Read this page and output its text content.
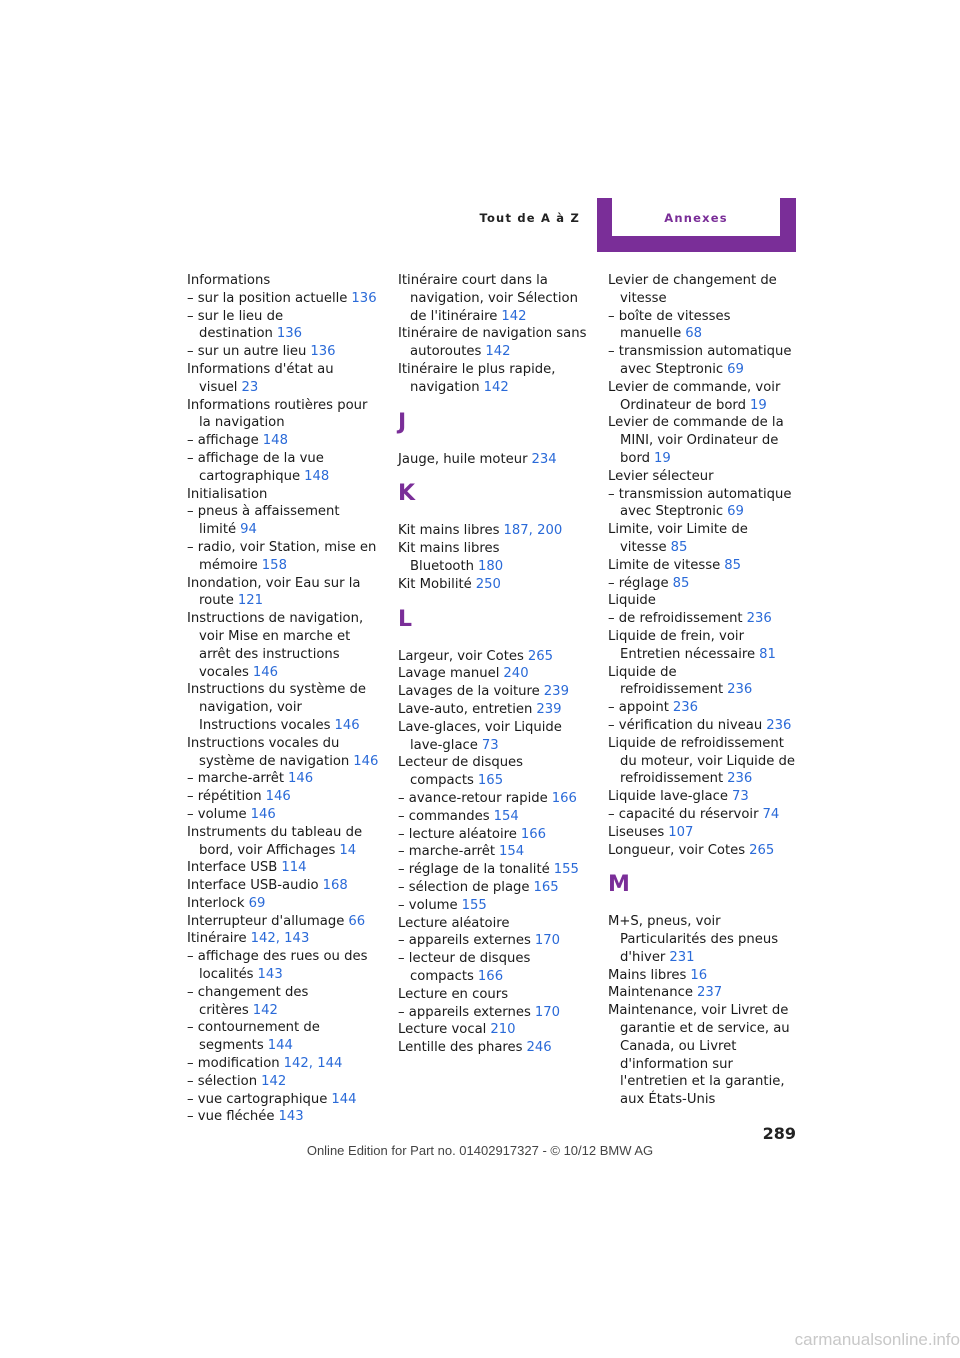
Tout de A à Z	Annexes
Informations
– sur la position actuelle 136
– sur le lieu de destination 136
– sur un autre lieu 136
Informations d'état au visuel 23
Informations routières pour la navigation
– affichage 148
– affichage de la vue cartographique 148
Initialisation
– pneus à affaissement limité 94
– radio, voir Station, mise en mémoire 158
Inondation, voir Eau sur la route 121
Instructions de navigation, voir Mise en marche et arrêt des instructions vocales 146
Instructions du système de navigation, voir Instructions vocales 146
Instructions vocales du système de navigation 146
– marche-arrêt 146
– répétition 146
– volume 146
Instruments du tableau de bord, voir Affichages 14
Interface USB 114
Interface USB-audio 168
Interlock 69
Interrupteur d'allumage 66
Itinéraire 142, 143
– affichage des rues ou des localités 143
– changement des critères 142
– contournement de segments 144
– modification 142, 144
– sélection 142
– vue cartographique 144
– vue fléchée 143
Itinéraire court dans la navigation, voir Sélection de l'itinéraire 142
Itinéraire de navigation sans autoroutes 142
Itinéraire le plus rapide, navigation 142
J
Jauge, huile moteur 234
K
Kit mains libres 187, 200
Kit mains libres Bluetooth 180
Kit Mobilité 250
L
Largeur, voir Cotes 265
Lavage manuel 240
Lavages de la voiture 239
Lave-auto, entretien 239
Lave-glaces, voir Liquide lave-glace 73
Lecteur de disques compacts 165
– avance-retour rapide 166
– commandes 154
– lecture aléatoire 166
– marche-arrêt 154
– réglage de la tonalité 155
– sélection de plage 165
– volume 155
Lecture aléatoire
– appareils externes 170
– lecteur de disques compacts 166
Lecture en cours
– appareils externes 170
Lecture vocal 210
Lentille des phares 246
Levier de changement de vitesse
– boîte de vitesses manuelle 68
– transmission automatique avec Steptronic 69
Levier de commande, voir Ordinateur de bord 19
Levier de commande de la MINI, voir Ordinateur de bord 19
Levier sélecteur
– transmission automatique avec Steptronic 69
Limite, voir Limite de vitesse 85
Limite de vitesse 85
– réglage 85
Liquide
– de refroidissement 236
Liquide de frein, voir Entretien nécessaire 81
Liquide de refroidissement 236
– appoint 236
– vérification du niveau 236
Liquide de refroidissement du moteur, voir Liquide de refroidissement 236
Liquide lave-glace 73
– capacité du réservoir 74
Liseuses 107
Longueur, voir Cotes 265
M
M+S, pneus, voir Particularités des pneus d'hiver 231
Mains libres 16
Maintenance 237
Maintenance, voir Livret de garantie et de service, au Canada, ou Livret d'information sur l'entretien et la garantie, aux États-Unis
289
Online Edition for Part no. 01402917327 - © 10/12 BMW AG
carmanualsonline.info
